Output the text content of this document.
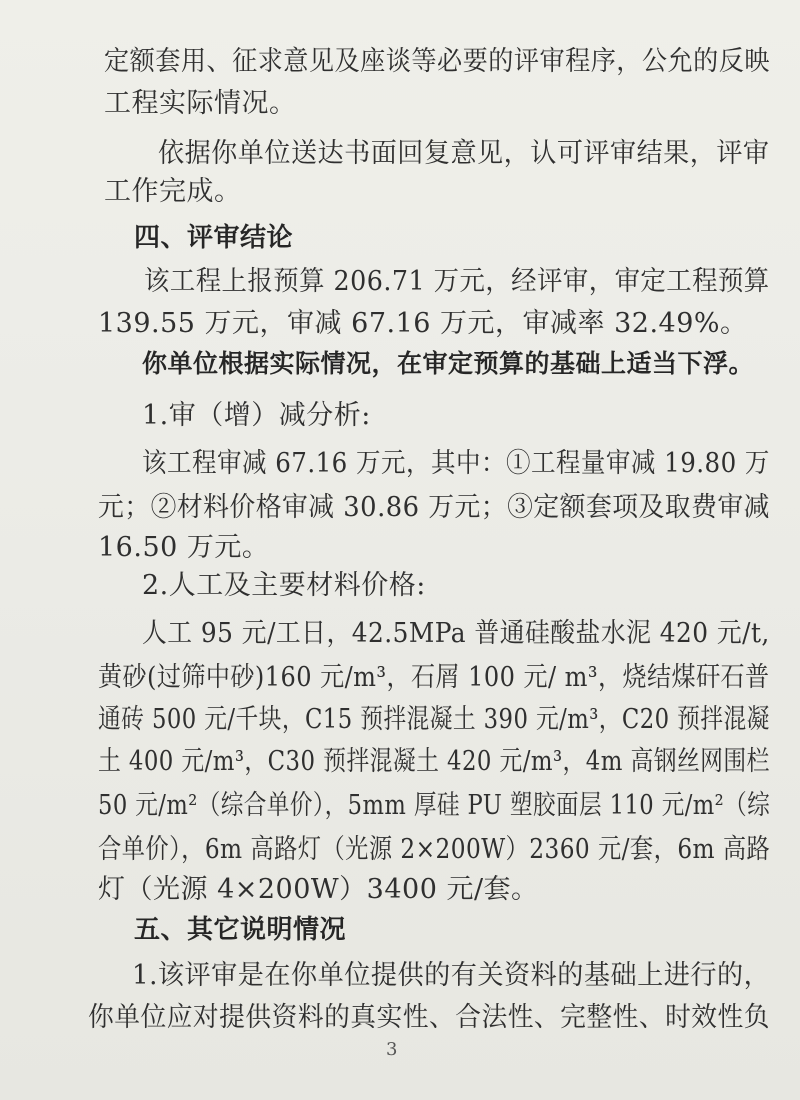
定额套用、征求意见及座谈等必要的评审程序，公允的反映
工程实际情况。
依据你单位送达书面回复意见，认可评审结果，评审
工作完成。
四、评审结论
该工程上报预算 206.71 万元，经评审，审定工程预算
139.55 万元，审减 67.16 万元，审减率 32.49%。
你单位根据实际情况，在审定预算的基础上适当下浮。
1.审（增）减分析:
该工程审减 67.16 万元，其中：①工程量审减 19.80 万
元；②材料价格审减 30.86 万元；③定额套项及取费审减
16.50 万元。
2.人工及主要材料价格:
人工 95 元/工日，42.5MPa 普通硅酸盐水泥 420 元/t,
黄砂(过筛中砂)160 元/m³，石屑 100 元/ m³，烧结煤矸石普
通砖 500 元/千块，C15 预拌混凝土 390 元/m³，C20 预拌混凝
土 400 元/m³，C30 预拌混凝土 420 元/m³，4m 高钢丝网围栏
50 元/m²（综合单价），5mm 厚硅 PU 塑胶面层 110 元/m²（综
合单价），6m 高路灯（光源 2×200W）2360 元/套，6m 高路
灯（光源 4×200W）3400 元/套。
五、其它说明情况
1.该评审是在你单位提供的有关资料的基础上进行的，
你单位应对提供资料的真实性、合法性、完整性、时效性负
3
